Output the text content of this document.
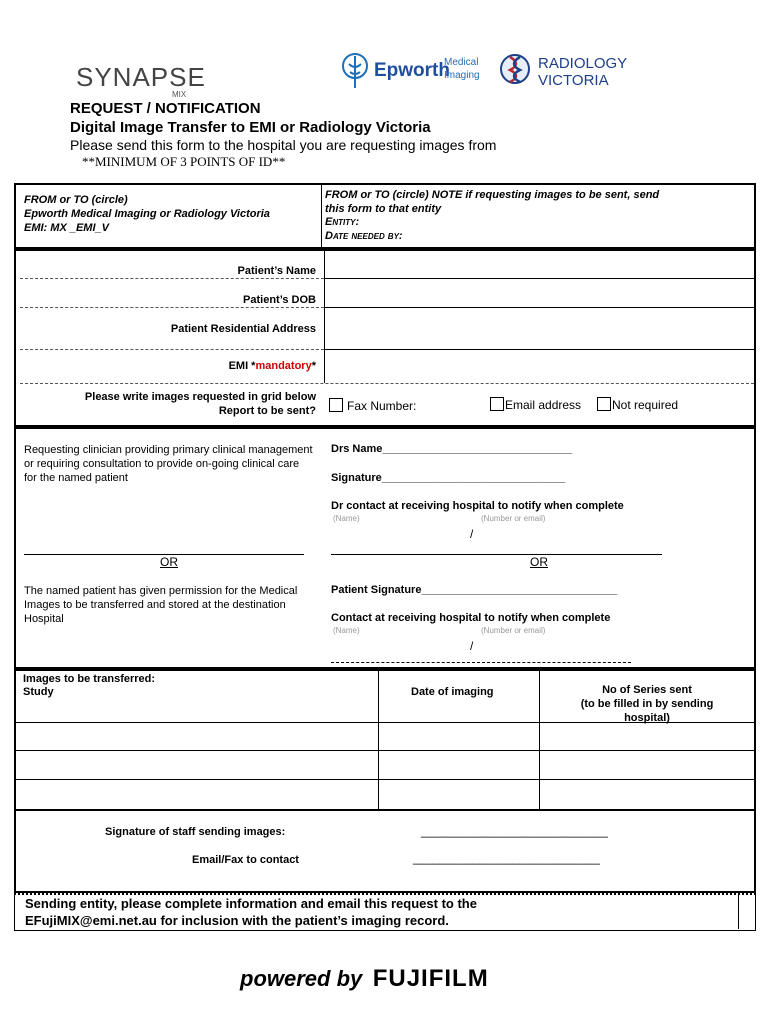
SYNAPSE
MIX
Epworth
Medical
Imaging
RADIOLOGY
VICTORIA
REQUEST / NOTIFICATION
Digital Image Transfer to EMI or Radiology Victoria
Please send this form to the hospital you are requesting images from
**MINIMUM OF 3 POINTS OF ID**
FROM or TO (circle)
Epworth Medical Imaging or Radiology Victoria
EMI: MX _EMI_V
FROM or TO (circle) NOTE if requesting images to be sent, send
this form to that entity
Entity:
Date needed by:
Patient’s Name
Patient’s DOB
Patient Residential Address
EMI *mandatory*
Please write images requested in grid below
Report to be sent?	Fax Number:	Email address	Not required
Requesting clinician providing primary clinical management or requiring consultation to provide on-going clinical care for the named patient
OR
The named patient has given permission for the Medical Images to be transferred and stored at the destination Hospital
Drs Name_______________________________
Signature______________________________
Dr contact at receiving hospital to notify when complete
(Name)	(Number or email)
/
OR
Patient Signature________________________________
Contact at receiving hospital to notify when complete
(Name)	(Number or email)
/
Images to be transferred:
Study	Date of imaging	No of Series sent
(to be filled in by sending
hospital)
Signature of staff sending images:	____________________________
Email/Fax to contact	____________________________
Sending entity, please complete information and email this request to the
EFujiMIX@emi.net.au for inclusion with the patient’s imaging record.
powered by FUJIFILM
